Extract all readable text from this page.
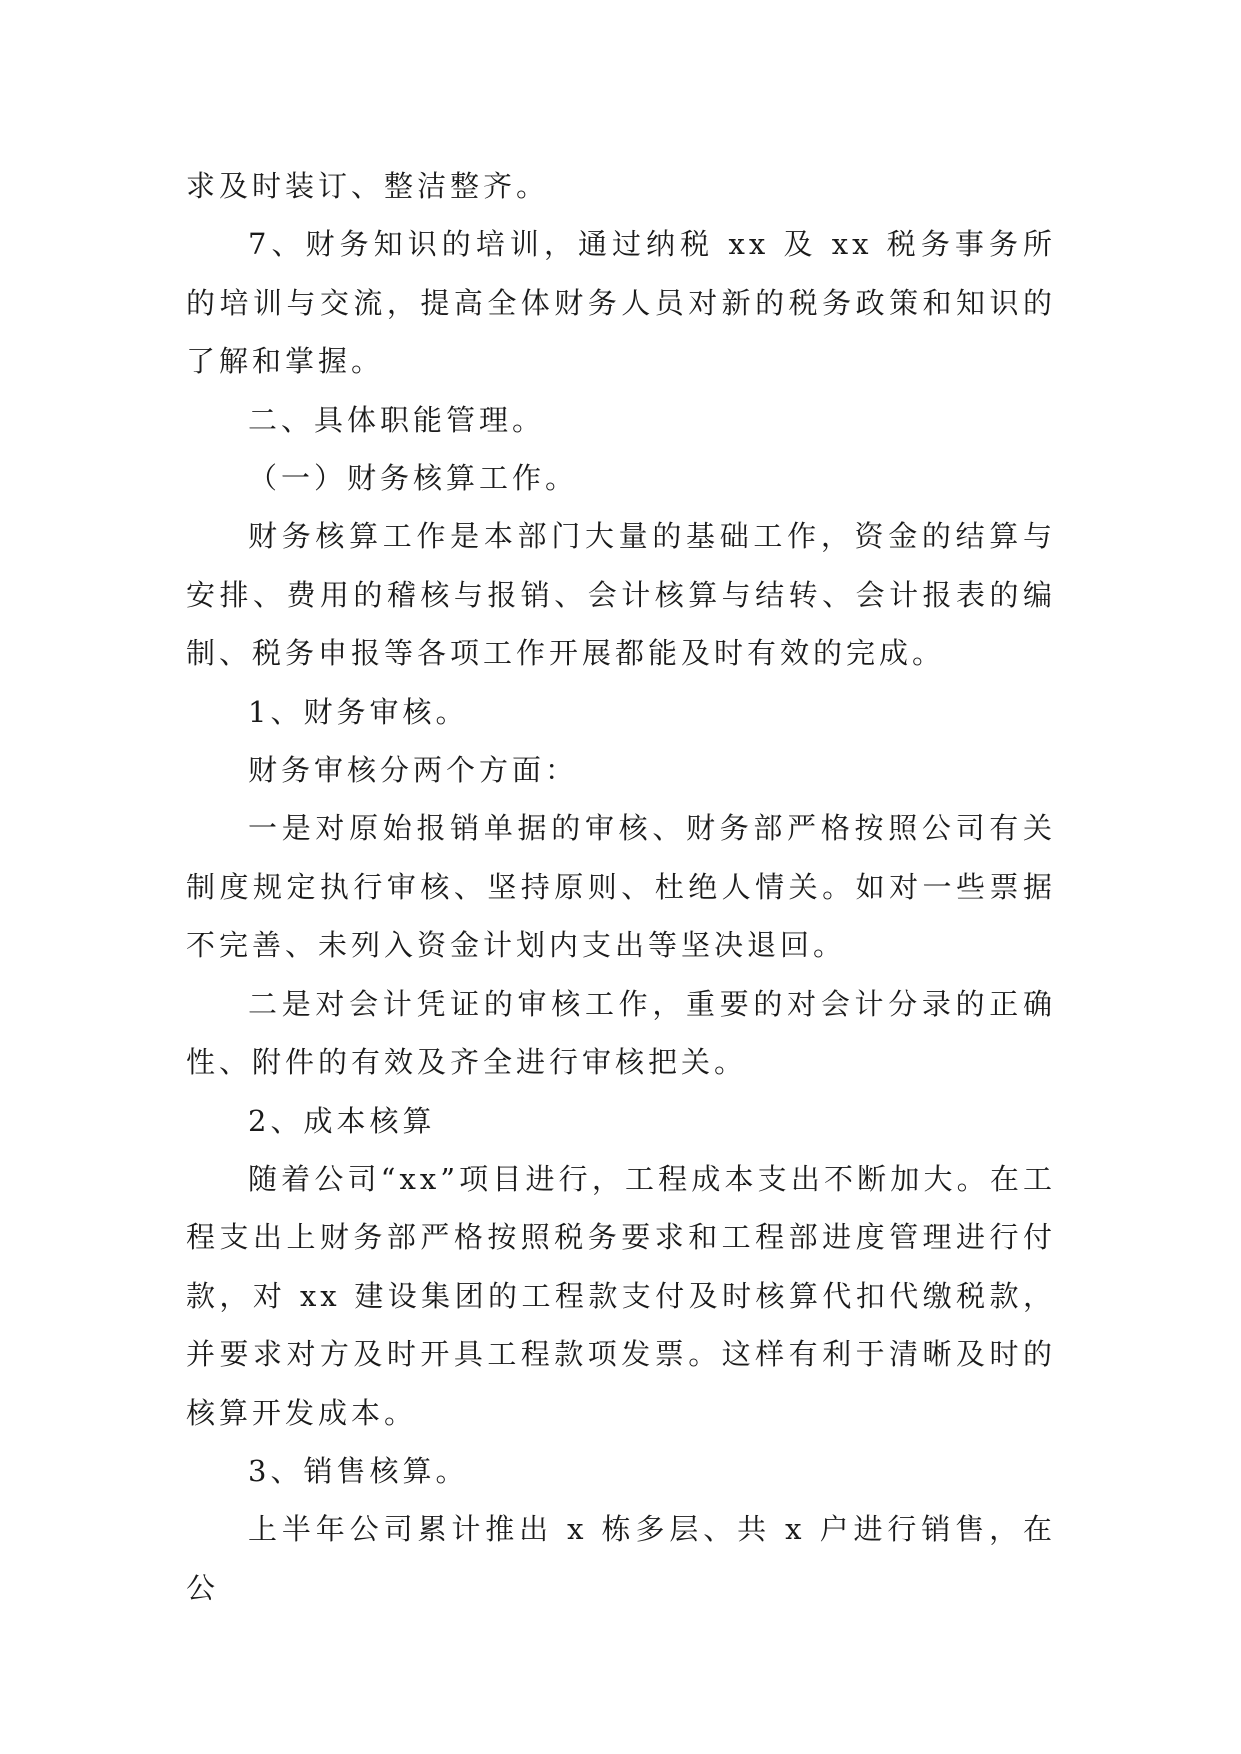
求及时装订、整洁整齐。

7、财务知识的培训，通过纳税 xx 及 xx 税务事务所的培训与交流，提高全体财务人员对新的税务政策和知识的了解和掌握。

二、具体职能管理。

（一）财务核算工作。

财务核算工作是本部门大量的基础工作，资金的结算与安排、费用的稽核与报销、会计核算与结转、会计报表的编制、税务申报等各项工作开展都能及时有效的完成。

1、财务审核。

财务审核分两个方面：

一是对原始报销单据的审核、财务部严格按照公司有关制度规定执行审核、坚持原则、杜绝人情关。如对一些票据不完善、未列入资金计划内支出等坚决退回。

二是对会计凭证的审核工作，重要的对会计分录的正确性、附件的有效及齐全进行审核把关。

2、成本核算

随着公司“xx”项目进行，工程成本支出不断加大。在工程支出上财务部严格按照税务要求和工程部进度管理进行付款，对 xx 建设集团的工程款支付及时核算代扣代缴税款，并要求对方及时开具工程款项发票。这样有利于清晰及时的核算开发成本。

3、销售核算。

上半年公司累计推出 x 栋多层、共 x 户进行销售，在公
